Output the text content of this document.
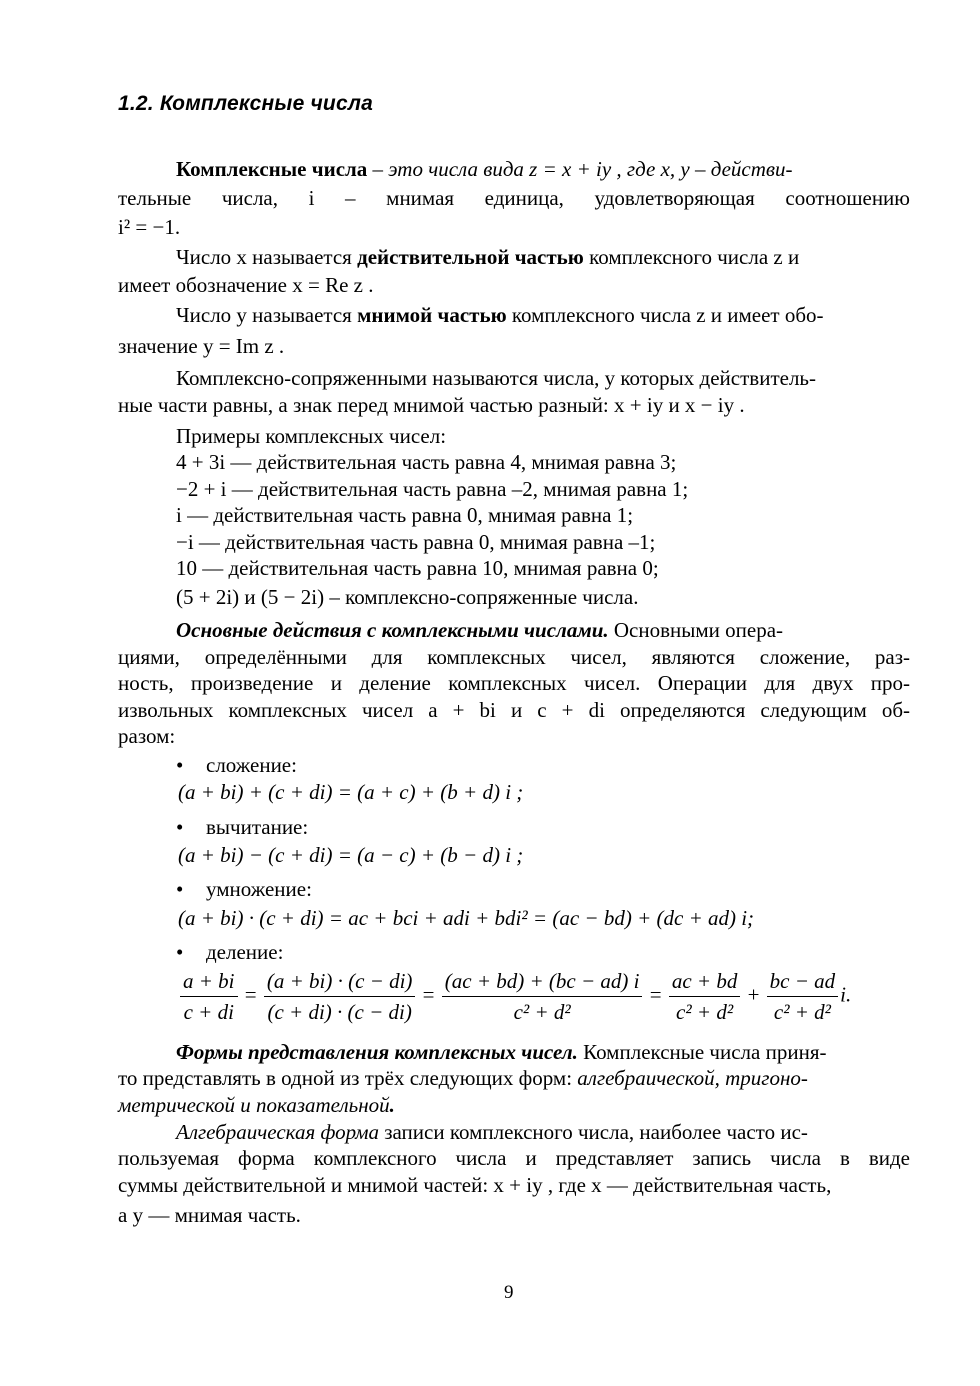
1.2. Комплексные числа
Комплексные числа – это числа вида z = x + iy , где x, y – действи-
тельные числа, i – мнимая единица, удовлетворяющая соотношению
i² = −1.
Число x называется действительной частью комплексного числа z и
имеет обозначение x = Re z .
Число y называется мнимой частью комплексного числа z и имеет обо-
значение y = Im z .
Комплексно-сопряженными называются числа, у которых действитель-
ные части равны, а знак перед мнимой частью разный: x + iy и x − iy .
Примеры комплексных чисел:
4 + 3i — действительная часть равна 4, мнимая равна 3;
−2 + i — действительная часть равна –2, мнимая равна 1;
i — действительная часть равна 0, мнимая равна 1;
−i — действительная часть равна 0, мнимая равна –1;
10 — действительная часть равна 10, мнимая равна 0;
(5 + 2i) и (5 − 2i) – комплексно-сопряженные числа.
Основные действия с комплексными числами. Основными опера-
циями, определёнными для комплексных чисел, являются сложение, раз-
ность, произведение и деление комплексных чисел. Операции для двух про-
извольных комплексных чисел a + bi и c + di определяются следующим об-
разом:
• сложение:
(a + bi) + (c + di) = (a + c) + (b + d) i ;
• вычитание:
(a + bi) − (c + di) = (a − c) + (b − d) i ;
• умножение:
(a + bi) · (c + di) = ac + bci + adi + bdi² = (ac − bd) + (dc + ad) i;
• деление:
$\frac{a + bi}{c + di} = \frac{(a + bi) \cdot (c - di)}{(c + di) \cdot (c - di)} = \frac{(ac + bd) + (bc - ad) i}{\text{c² + d²}} = \frac{ac + bd}{\text{c² + d²}} + \frac{bc - ad}{\text{c² + d²}} i$.
Формы представления комплексных чисел. Комплексные числа приня-
то представлять в одной из трёх следующих форм: алгебраической, тригоно-
метрической и показательной.
Алгебраическая форма записи комплексного числа, наиболее часто ис-
пользуемая форма комплексного числа и представляет запись числа в виде
суммы действительной и мнимой частей: x + iy , где x — действительная часть,
а y — мнимая часть.
9
